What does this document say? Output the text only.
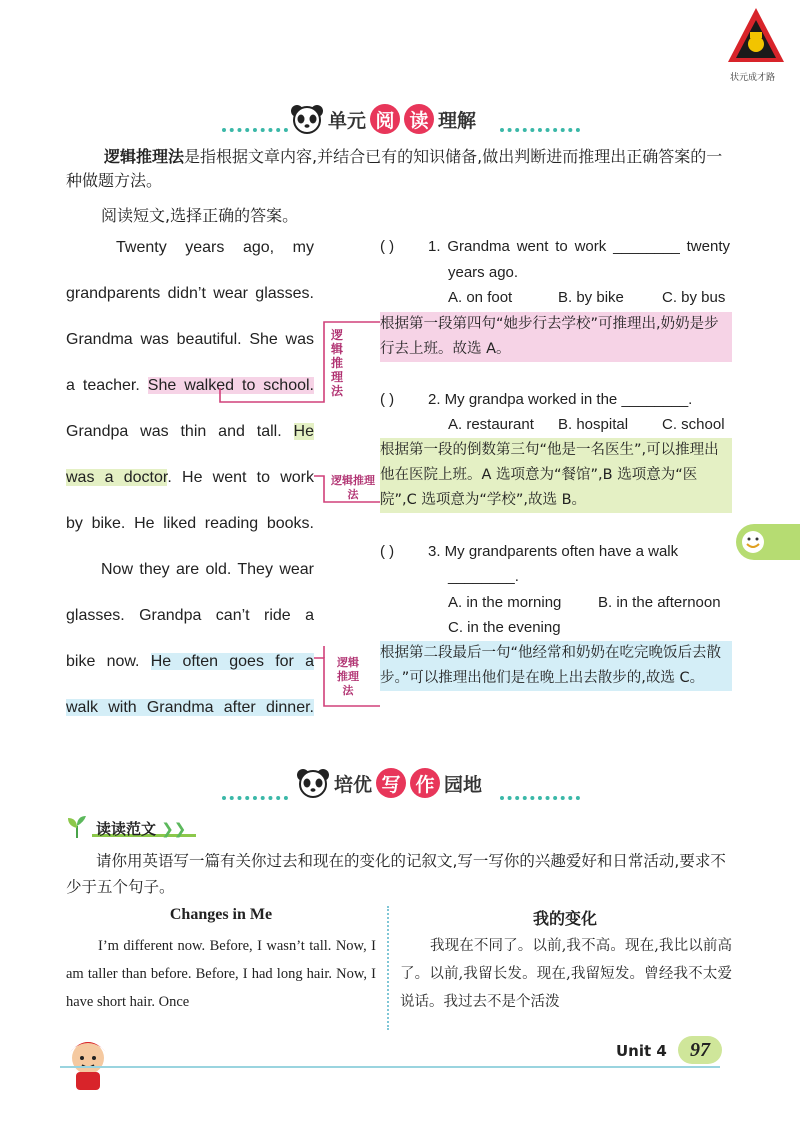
状元成才路
单元 阅 读 理解
逻辑推理法是指根据文章内容,并结合已有的知识储备,做出判断进而推理出正确答案的一种做题方法。
阅读短文,选择正确的答案。
Twenty years ago, my
grandparents didn’t wear glasses.
Grandma was beautiful. She was
a teacher. She walked to school.
Grandpa was thin and tall. He
was a doctor. He went to work
by bike. He liked reading books.
Now they are old. They wear
glasses. Grandpa can’t ride a
bike now. He often goes for a
walk with Grandma after dinner.
逻辑推理法
逻辑推理法
逻辑推理法
( ) 1. Grandma went to work ________ twenty
years ago.
A. on foot	B. by bike	C. by bus
根据第一段第四句“她步行去学校”可推理出,奶奶是步行去上班。故选 A。
( ) 2. My grandpa worked in the ________.
A. restaurant B. hospital C. school
根据第一段的倒数第三句“他是一名医生”,可以推理出他在医院上班。A 选项意为“餐馆”,B 选项意为“医院”,C 选项意为“学校”,故选 B。
( ) 3. My grandparents often have a walk
________.
A. in the morning B. in the afternoon
C. in the evening
根据第二段最后一句“他经常和奶奶在吃完晚饭后去散步。”可以推理出他们是在晚上出去散步的,故选 C。
培优 写 作 园地
读读范文 ❯❯
请你用英语写一篇有关你过去和现在的变化的记叙文,写一写你的兴趣爱好和日常活动,要求不少于五个句子。
Changes in Me
I’m different now. Before, I wasn’t tall. Now, I am taller than before. Before, I had long hair. Now, I have short hair. Once
我的变化
我现在不同了。以前,我不高。现在,我比以前高了。以前,我留长发。现在,我留短发。曾经我不太爱说话。我过去不是个活泼
Unit 4	97
